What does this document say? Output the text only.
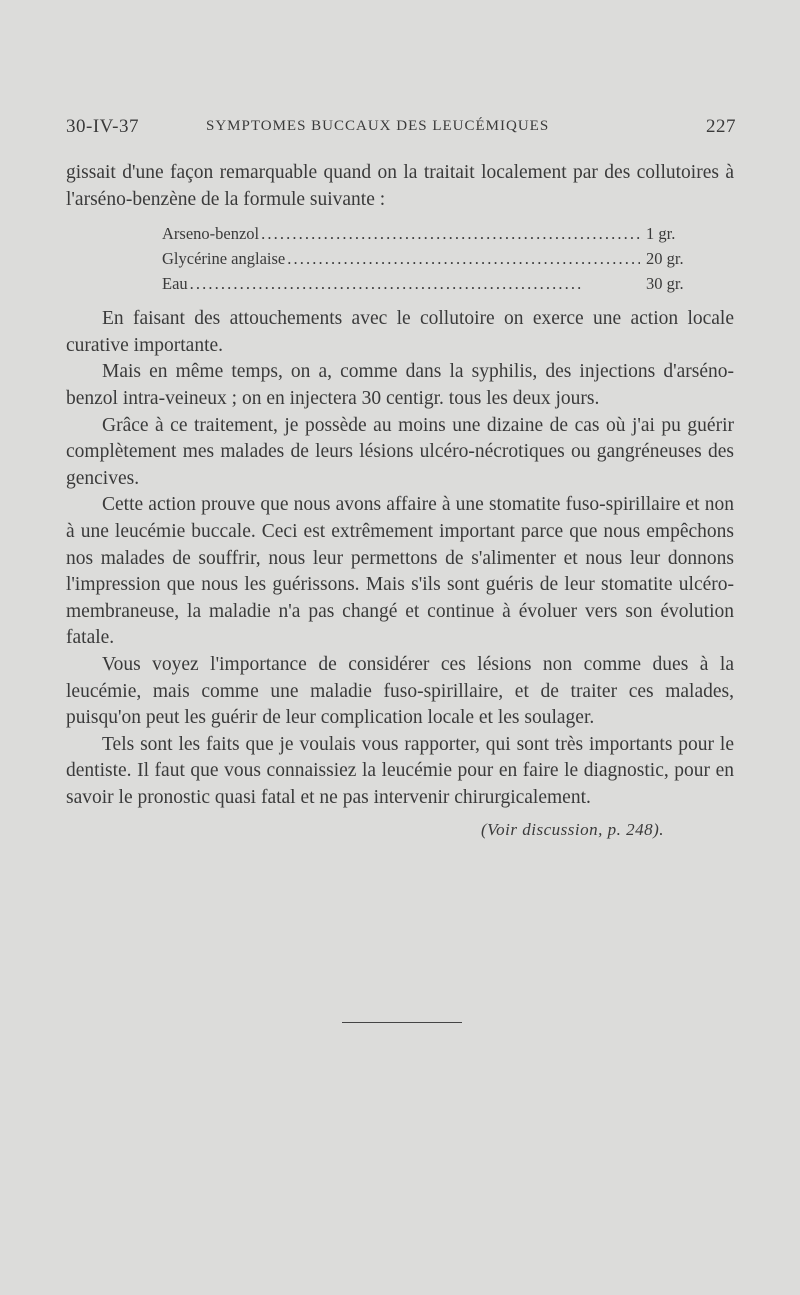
30-IV-37	SYMPTOMES BUCCAUX DES LEUCÉMIQUES	227

gissait d'une façon remarquable quand on la traitait localement par des collutoires à l'arséno-benzène de la formule suivante :

Arseno-benzol . . .	1 gr.
Glycérine anglaise . . .	20 gr.
Eau . . .	30 gr.

En faisant des attouchements avec le collutoire on exerce une action locale curative importante.

Mais en même temps, on a, comme dans la syphilis, des injections d'arséno-benzol intra-veineux ; on en injectera 30 centigr. tous les deux jours.

Grâce à ce traitement, je possède au moins une dizaine de cas où j'ai pu guérir complètement mes malades de leurs lésions ulcéro-nécrotiques ou gangréneuses des gencives.

Cette action prouve que nous avons affaire à une stomatite fuso-spirillaire et non à une leucémie buccale. Ceci est extrêmement important parce que nous empêchons nos malades de souffrir, nous leur permettons de s'alimenter et nous leur donnons l'impression que nous les guérissons. Mais s'ils sont guéris de leur stomatite ulcéro-membraneuse, la maladie n'a pas changé et continue à évoluer vers son évolution fatale.

Vous voyez l'importance de considérer ces lésions non comme dues à la leucémie, mais comme une maladie fuso-spirillaire, et de traiter ces malades, puisqu'on peut les guérir de leur complication locale et les soulager.

Tels sont les faits que je voulais vous rapporter, qui sont très importants pour le dentiste. Il faut que vous connaissiez la leucémie pour en faire le diagnostic, pour en savoir le pronostic quasi fatal et ne pas intervenir chirurgicalement.

(Voir discussion, p. 248).
